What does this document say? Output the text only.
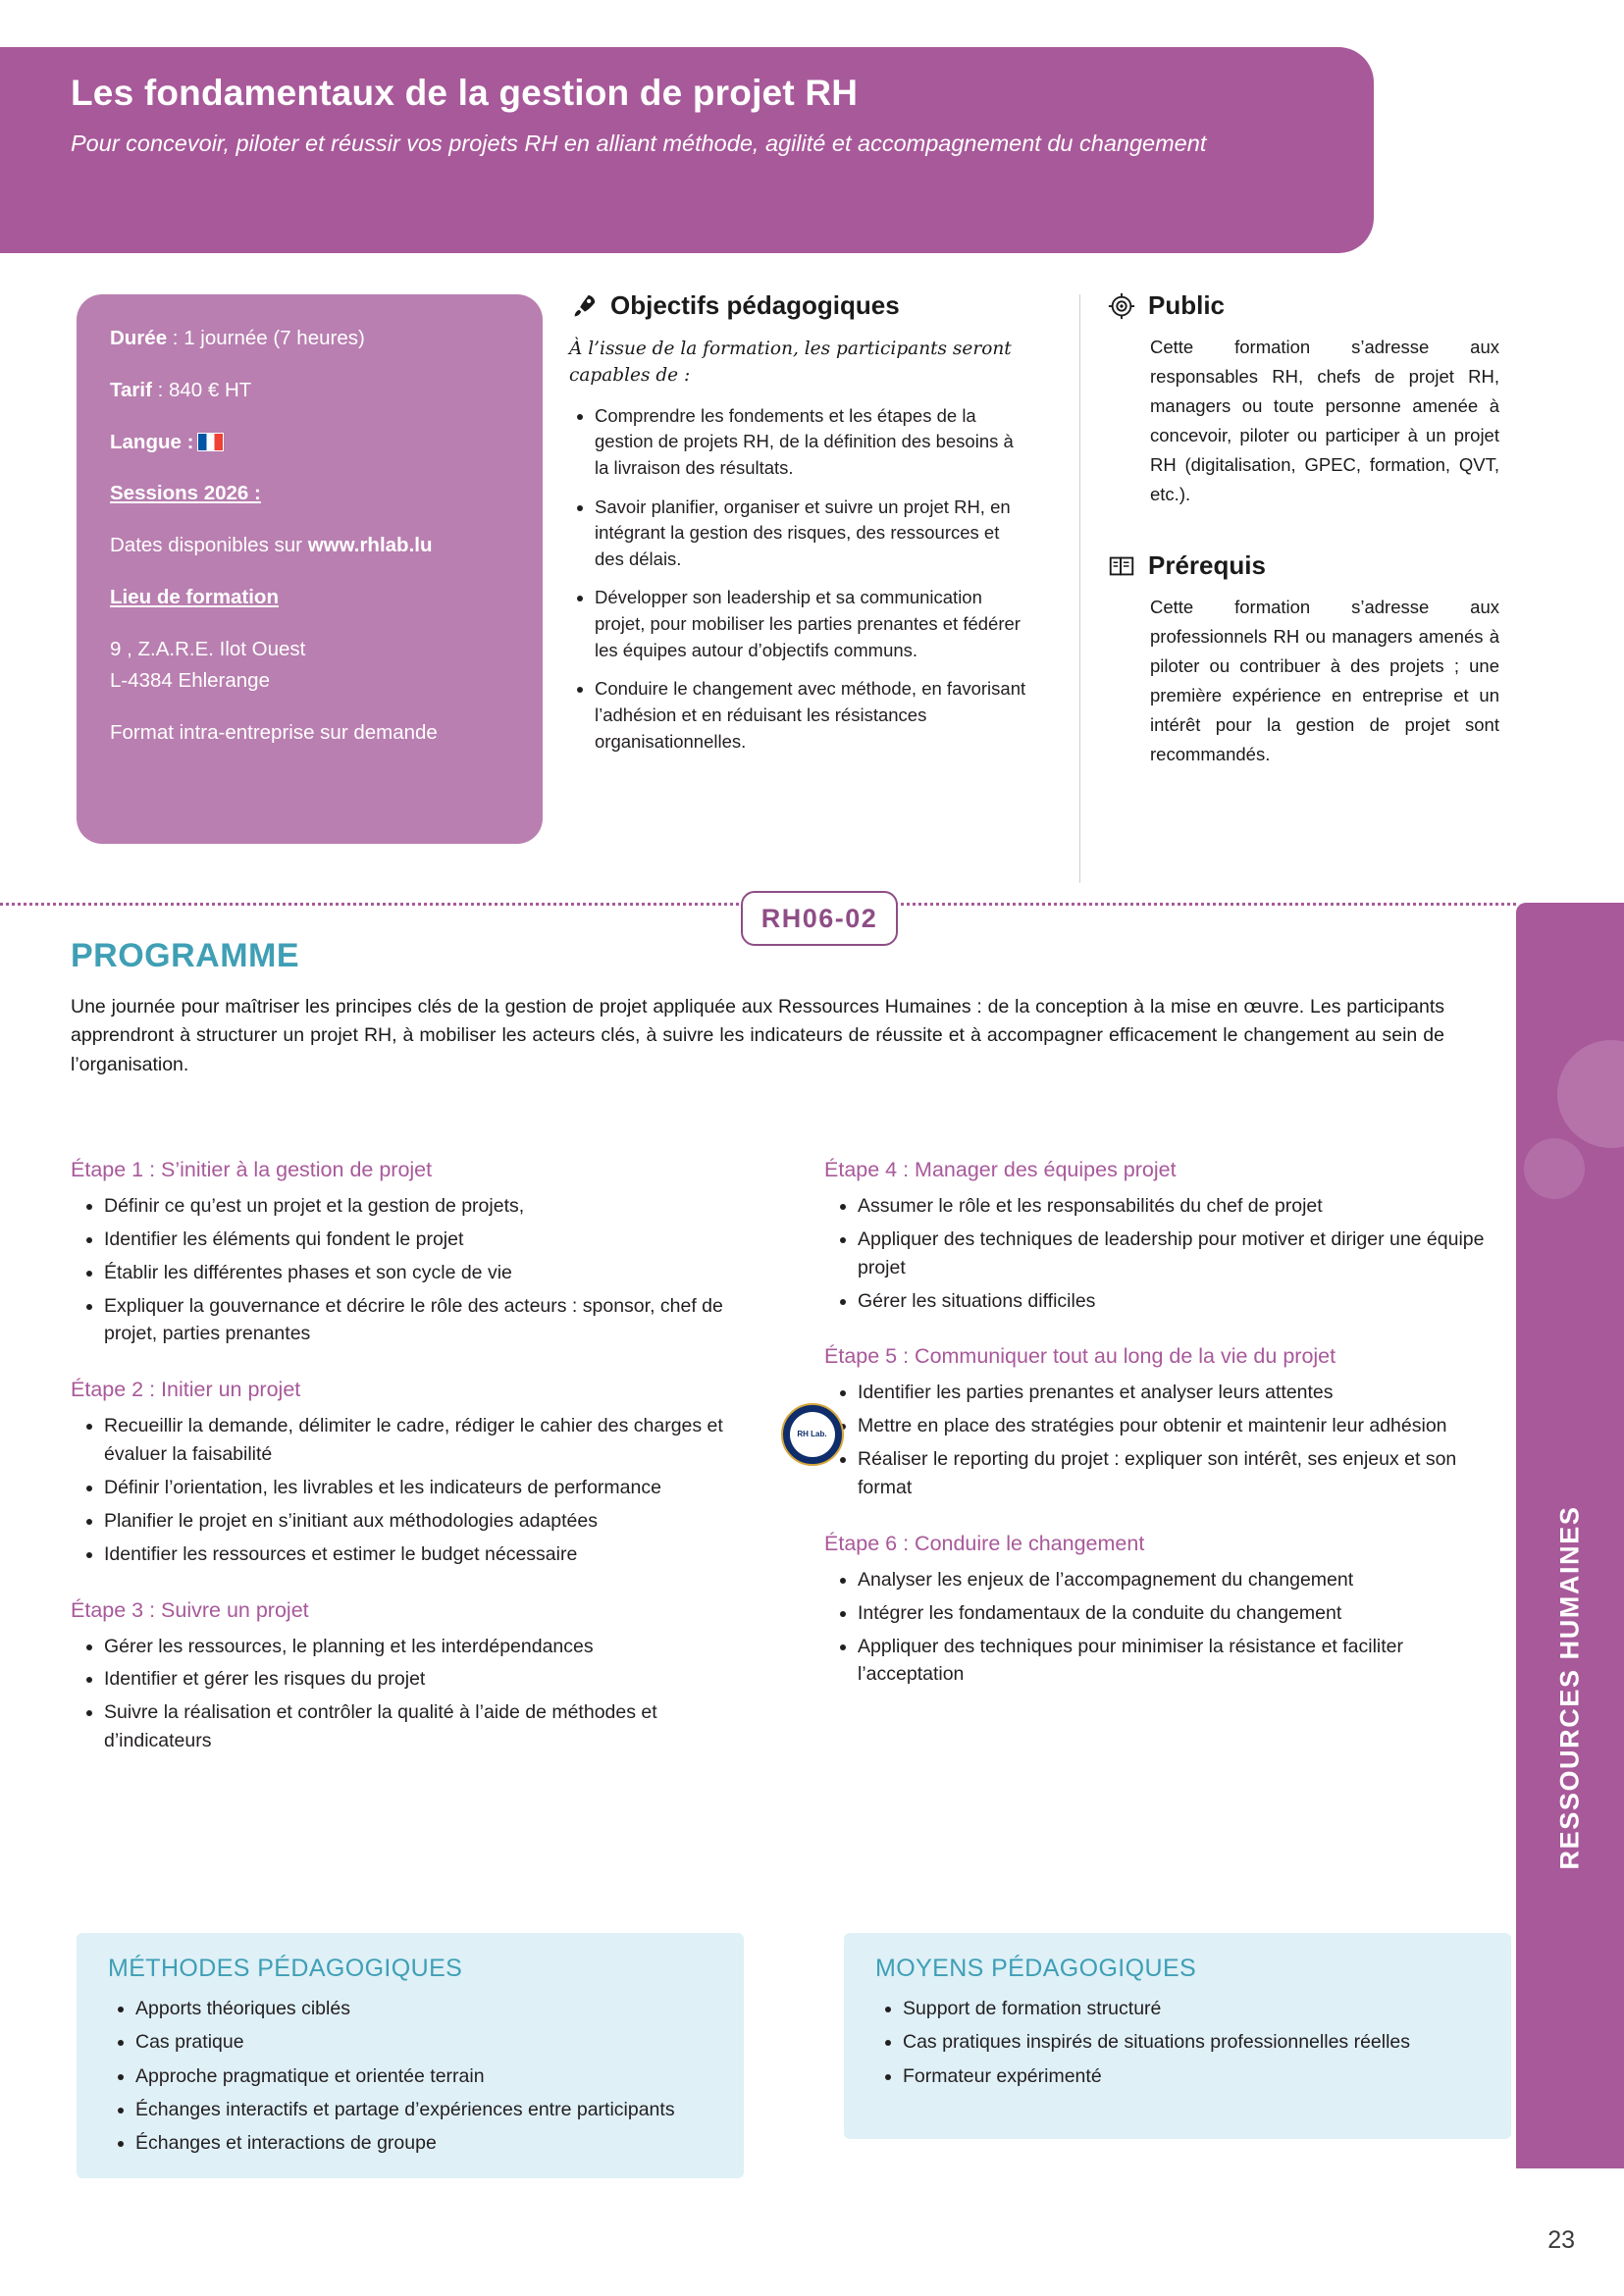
Les fondamentaux de la gestion de projet RH
Pour concevoir, piloter et réussir vos projets RH en alliant méthode, agilité et accompagnement du changement
Durée : 1 journée (7 heures)
Tarif : 840 € HT
Langue :
Sessions 2026 :
Dates disponibles sur www.rhlab.lu
Lieu de formation
9 , Z.A.R.E. Ilot Ouest
L-4384 Ehlerange
Format intra-entreprise sur demande
Objectifs pédagogiques
À l’issue de la formation, les participants seront capables de :
• Comprendre les fondements et les étapes de la gestion de projets RH, de la définition des besoins à la livraison des résultats.
• Savoir planifier, organiser et suivre un projet RH, en intégrant la gestion des risques, des ressources et des délais.
• Développer son leadership et sa communication projet, pour mobiliser les parties prenantes et fédérer les équipes autour d’objectifs communs.
• Conduire le changement avec méthode, en favorisant l’adhésion et en réduisant les résistances organisationnelles.
Public

Cette formation s’adresse aux responsables RH, chefs de projet RH, managers ou toute personne amenée à concevoir, piloter ou participer à un projet RH (digitalisation, GPEC, formation, QVT, etc.).

Prérequis

Cette formation s’adresse aux professionnels RH ou managers amenés à piloter ou contribuer à des projets ; une première expérience en entreprise et un intérêt pour la gestion de projet sont recommandés.

RH06-02
PROGRAMME
Une journée pour maîtriser les principes clés de la gestion de projet appliquée aux Ressources Humaines : de la conception à la mise en œuvre. Les participants apprendront à structurer un projet RH, à mobiliser les acteurs clés, à suivre les indicateurs de réussite et à accompagner efficacement le changement au sein de l’organisation.
Étape 1 : S’initier à la gestion de projet
• Définir ce qu’est un projet et la gestion de projets,
• Identifier les éléments qui fondent le projet
• Établir les différentes phases et son cycle de vie
• Expliquer la gouvernance et décrire le rôle des acteurs : sponsor, chef de projet, parties prenantes
Étape 2 : Initier un projet
• Recueillir la demande, délimiter le cadre, rédiger le cahier des charges et évaluer la faisabilité
• Définir l’orientation, les livrables et les indicateurs de performance
• Planifier le projet en s’initiant aux méthodologies adaptées
• Identifier les ressources et estimer le budget nécessaire
Étape 3 : Suivre un projet
• Gérer les ressources, le planning et les interdépendances
• Identifier et gérer les risques du projet
• Suivre la réalisation et contrôler la qualité à l’aide de méthodes et d’indicateurs
Étape 4 : Manager des équipes projet
• Assumer le rôle et les responsabilités du chef de projet
• Appliquer des techniques de leadership pour motiver et diriger une équipe projet
• Gérer les situations difficiles
Étape 5 : Communiquer tout au long de la vie du projet
• Identifier les parties prenantes et analyser leurs attentes
• Mettre en place des stratégies pour obtenir et maintenir leur adhésion
• Réaliser le reporting du projet : expliquer son intérêt, ses enjeux et son format
Étape 6 : Conduire le changement
• Analyser les enjeux de l’accompagnement du changement
• Intégrer les fondamentaux de la conduite du changement
• Appliquer des techniques pour minimiser la résistance et faciliter l’acceptation
MÉTHODES PÉDAGOGIQUES
• Apports théoriques ciblés
• Cas pratique
• Approche pragmatique et orientée terrain
• Échanges interactifs et partage d’expériences entre participants
• Échanges et interactions de groupe
MOYENS PÉDAGOGIQUES
• Support de formation structuré
• Cas pratiques inspirés de situations professionnelles réelles
• Formateur expérimenté
RESSOURCES HUMAINES
RH Lab.
23
